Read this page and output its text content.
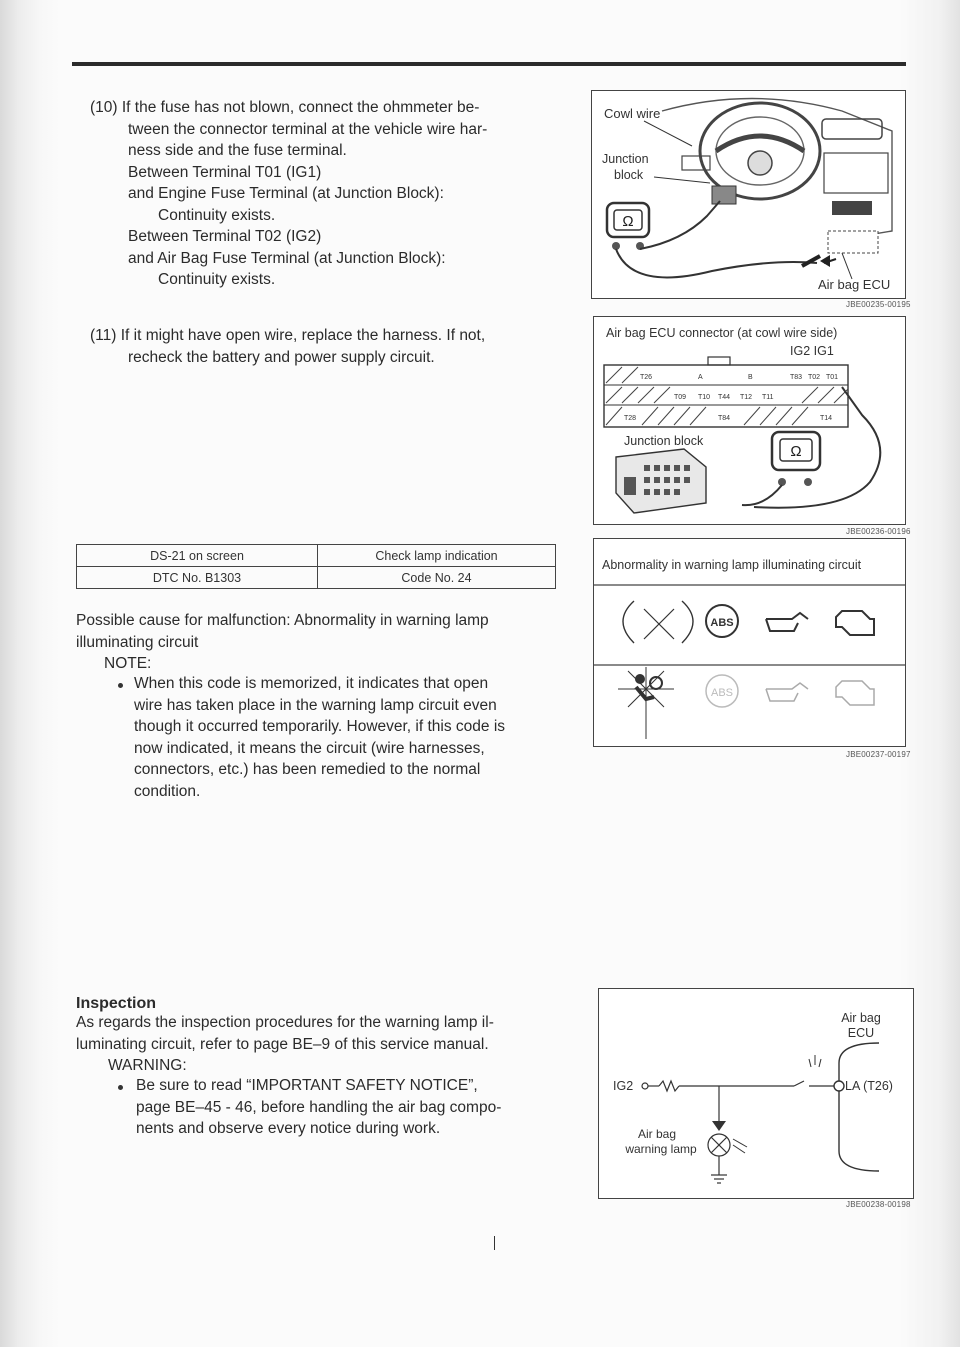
(10) If the fuse has not blown, connect the ohmmeter be-
tween the connector terminal at the vehicle wire har-
ness side and the fuse terminal.
Between Terminal T01 (IG1)
and Engine Fuse Terminal (at Junction Block):
Continuity exists.
Between Terminal T02 (IG2)
and Air Bag Fuse Terminal (at Junction Block):
Continuity exists.
(11) If it might have open wire, replace the harness. If not,
recheck the battery and power supply circuit.
Ω
Cowl wire
Junction
block
Air bag ECU
JBE00235-00195
Air bag ECU connector (at cowl wire side)
IG2 IG1
T26	A	B	T83 T02 T01
T09 T10 T44 T12 T11
T28	T84	T14
Ω
Junction block
JBE00236-00196
DS-21 on screen	Check lamp indication
DTC No. B1303	Code No. 24
Possible cause for malfunction: Abnormality in warning lamp
illuminating circuit
NOTE:
When this code is memorized, it indicates that open
wire has taken place in the warning lamp circuit even
though it occurred temporarily. However, if this code is
now indicated, it means the circuit (wire harnesses,
connectors, etc.) has been remedied to the normal
condition.
Abnormality in warning lamp illuminating circuit
ABS
ABS
JBE00237-00197
Inspection
As regards the inspection procedures for the warning lamp il-
luminating circuit, refer to page BE–9 of this service manual.
WARNING:
Be sure to read “IMPORTANT SAFETY NOTICE”,
page BE–45 - 46, before handling the air bag compo-
nents and observe every notice during work.
Air bag
ECU
IG2	LA (T26)
Air bag
warning lamp
JBE00238-00198
